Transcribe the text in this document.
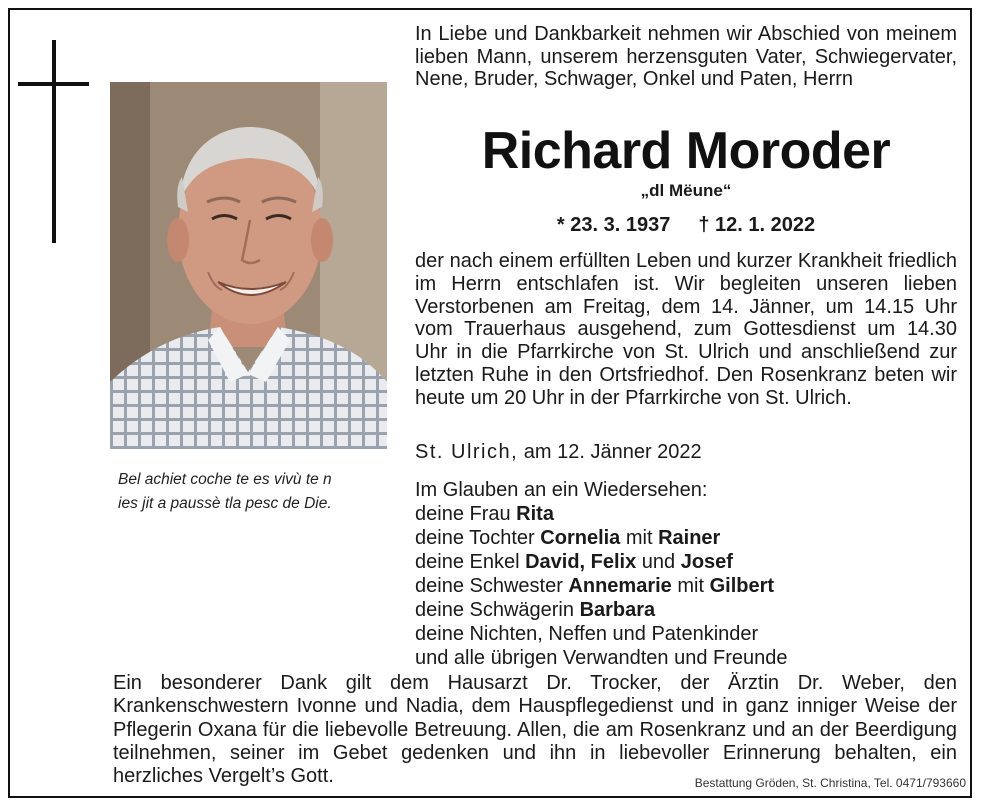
Bel achiet coche te es vivù te n
ies jit a paussè tla pesc de Die.
In Liebe und Dankbarkeit nehmen wir Abschied von meinem lieben Mann, unserem herzensguten Vater, Schwiegervater, Nene, Bruder, Schwager, Onkel und Paten, Herrn
Richard Moroder
„dl Mëune“
* 23. 3. 1937 † 12. 1. 2022
der nach einem erfüllten Leben und kurzer Krankheit friedlich im Herrn entschlafen ist. Wir begleiten unseren lieben Verstorbenen am Freitag, dem 14. Jänner, um 14.15 Uhr vom Trauerhaus ausgehend, zum Gottesdienst um 14.30 Uhr in die Pfarrkirche von St. Ulrich und anschließend zur letzten Ruhe in den Ortsfriedhof. Den Rosenkranz beten wir heute um 20 Uhr in der Pfarrkirche von St. Ulrich.
St. Ulrich, am 12. Jänner 2022
Im Glauben an ein Wiedersehen:
deine Frau Rita
deine Tochter Cornelia mit Rainer
deine Enkel David, Felix und Josef
deine Schwester Annemarie mit Gilbert
deine Schwägerin Barbara
deine Nichten, Neffen und Patenkinder
und alle übrigen Verwandten und Freunde
Ein besonderer Dank gilt dem Hausarzt Dr. Trocker, der Ärztin Dr. Weber, den Krankenschwestern Ivonne und Nadia, dem Hauspflegedienst und in ganz inniger Weise der Pflegerin Oxana für die liebevolle Betreuung. Allen, die am Rosenkranz und an der Beerdigung teilnehmen, seiner im Gebet gedenken und ihn in liebevoller Erinnerung behalten, ein herzliches Vergelt’s Gott.	Bestattung Gröden, St. Christina, Tel. 0471/793660
